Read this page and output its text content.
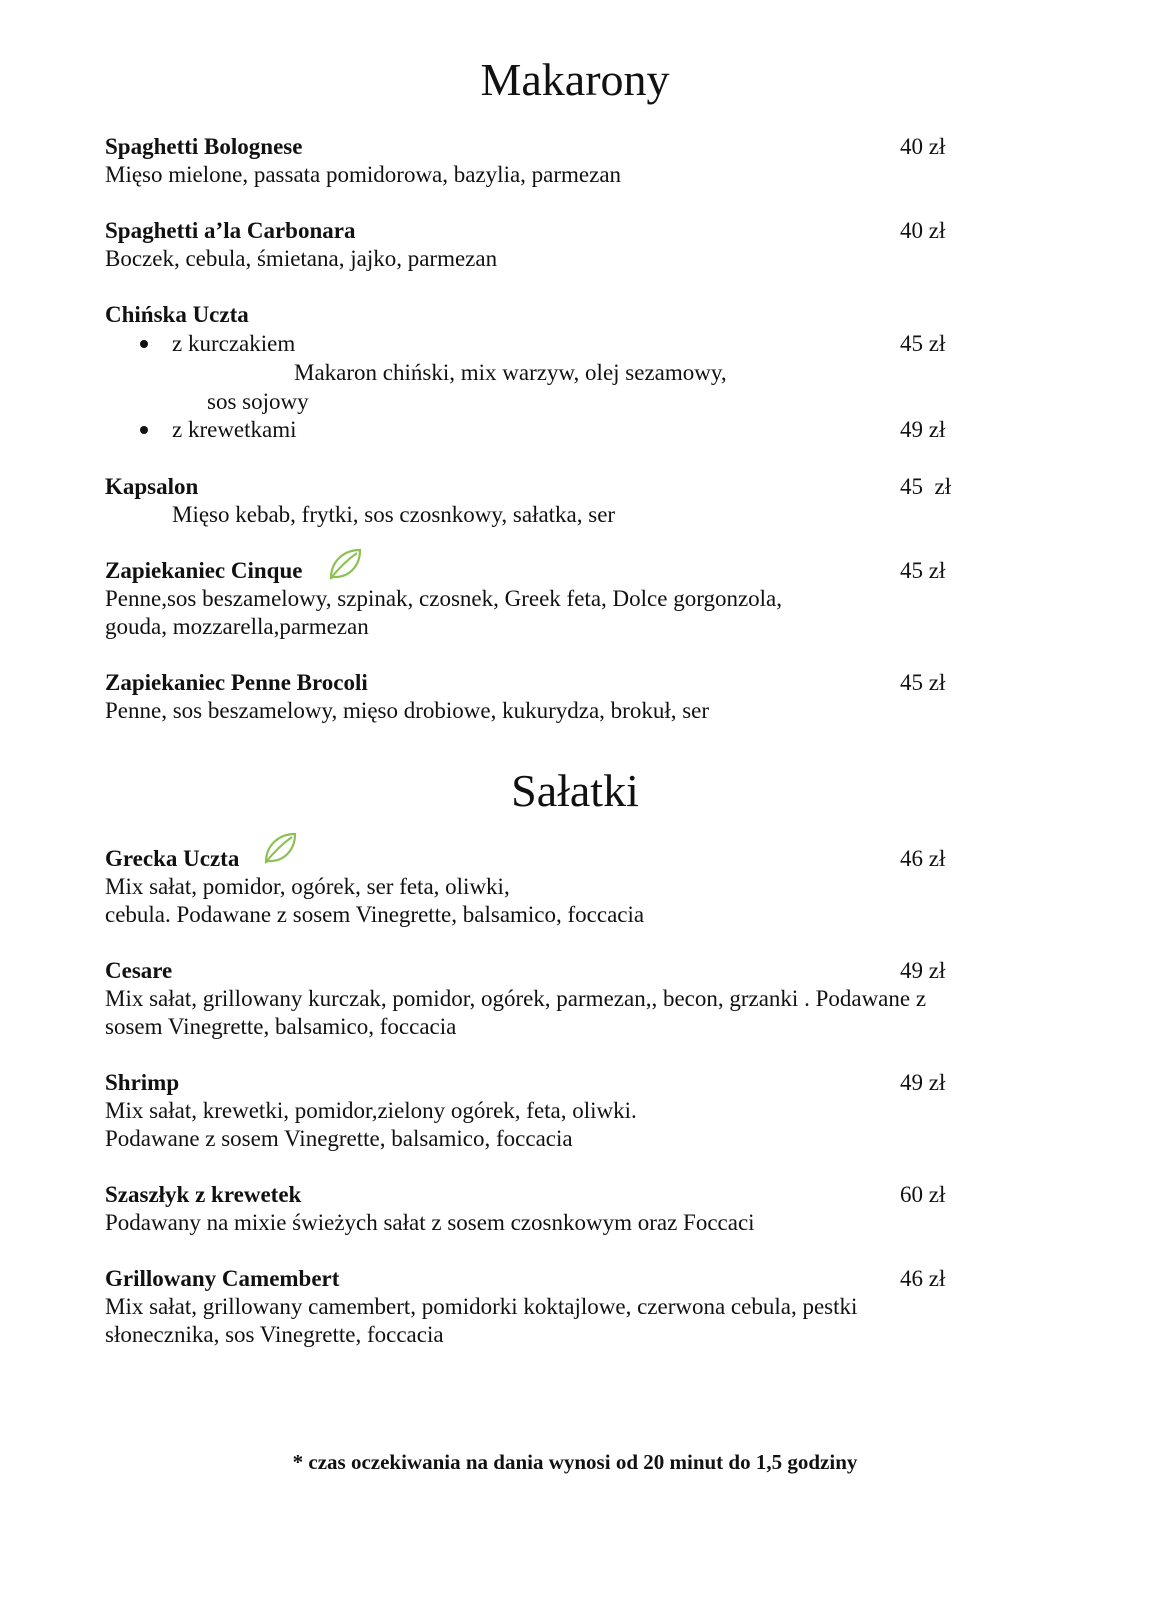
Makarony
Spaghetti Bolognese	40 zł
Mięso mielone, passata pomidorowa, bazylia, parmezan
Spaghetti a’la Carbonara	40 zł
Boczek, cebula, śmietana, jajko, parmezan
Chińska Uczta
z kurczakiem	45 zł
Makaron chiński, mix warzyw, olej sezamowy,
sos sojowy
z krewetkami	49 zł
Kapsalon	45  zł
Mięso kebab, frytki, sos czosnkowy, sałatka, ser
Zapiekaniec Cinque	45 zł
Penne,sos beszamelowy, szpinak, czosnek, Greek feta, Dolce gorgonzola,
gouda, mozzarella,parmezan
Zapiekaniec Penne Brocoli	45 zł
Penne, sos beszamelowy, mięso drobiowe, kukurydza, brokuł, ser
Sałatki
Grecka Uczta	46 zł
Mix sałat, pomidor, ogórek, ser feta, oliwki,
cebula. Podawane z sosem Vinegrette, balsamico, foccacia
Cesare	49 zł
Mix sałat, grillowany kurczak, pomidor, ogórek, parmezan,, becon, grzanki . Podawane z
sosem Vinegrette, balsamico, foccacia
Shrimp	49 zł
Mix sałat, krewetki, pomidor,zielony ogórek, feta, oliwki.
Podawane z sosem Vinegrette, balsamico, foccacia
Szaszłyk z krewetek	60 zł
Podawany na mixie świeżych sałat z sosem czosnkowym oraz Foccaci
Grillowany Camembert	46 zł
Mix sałat, grillowany camembert, pomidorki koktajlowe, czerwona cebula, pestki
słonecznika, sos Vinegrette, foccacia
* czas oczekiwania na dania wynosi od 20 minut do 1,5 godziny
